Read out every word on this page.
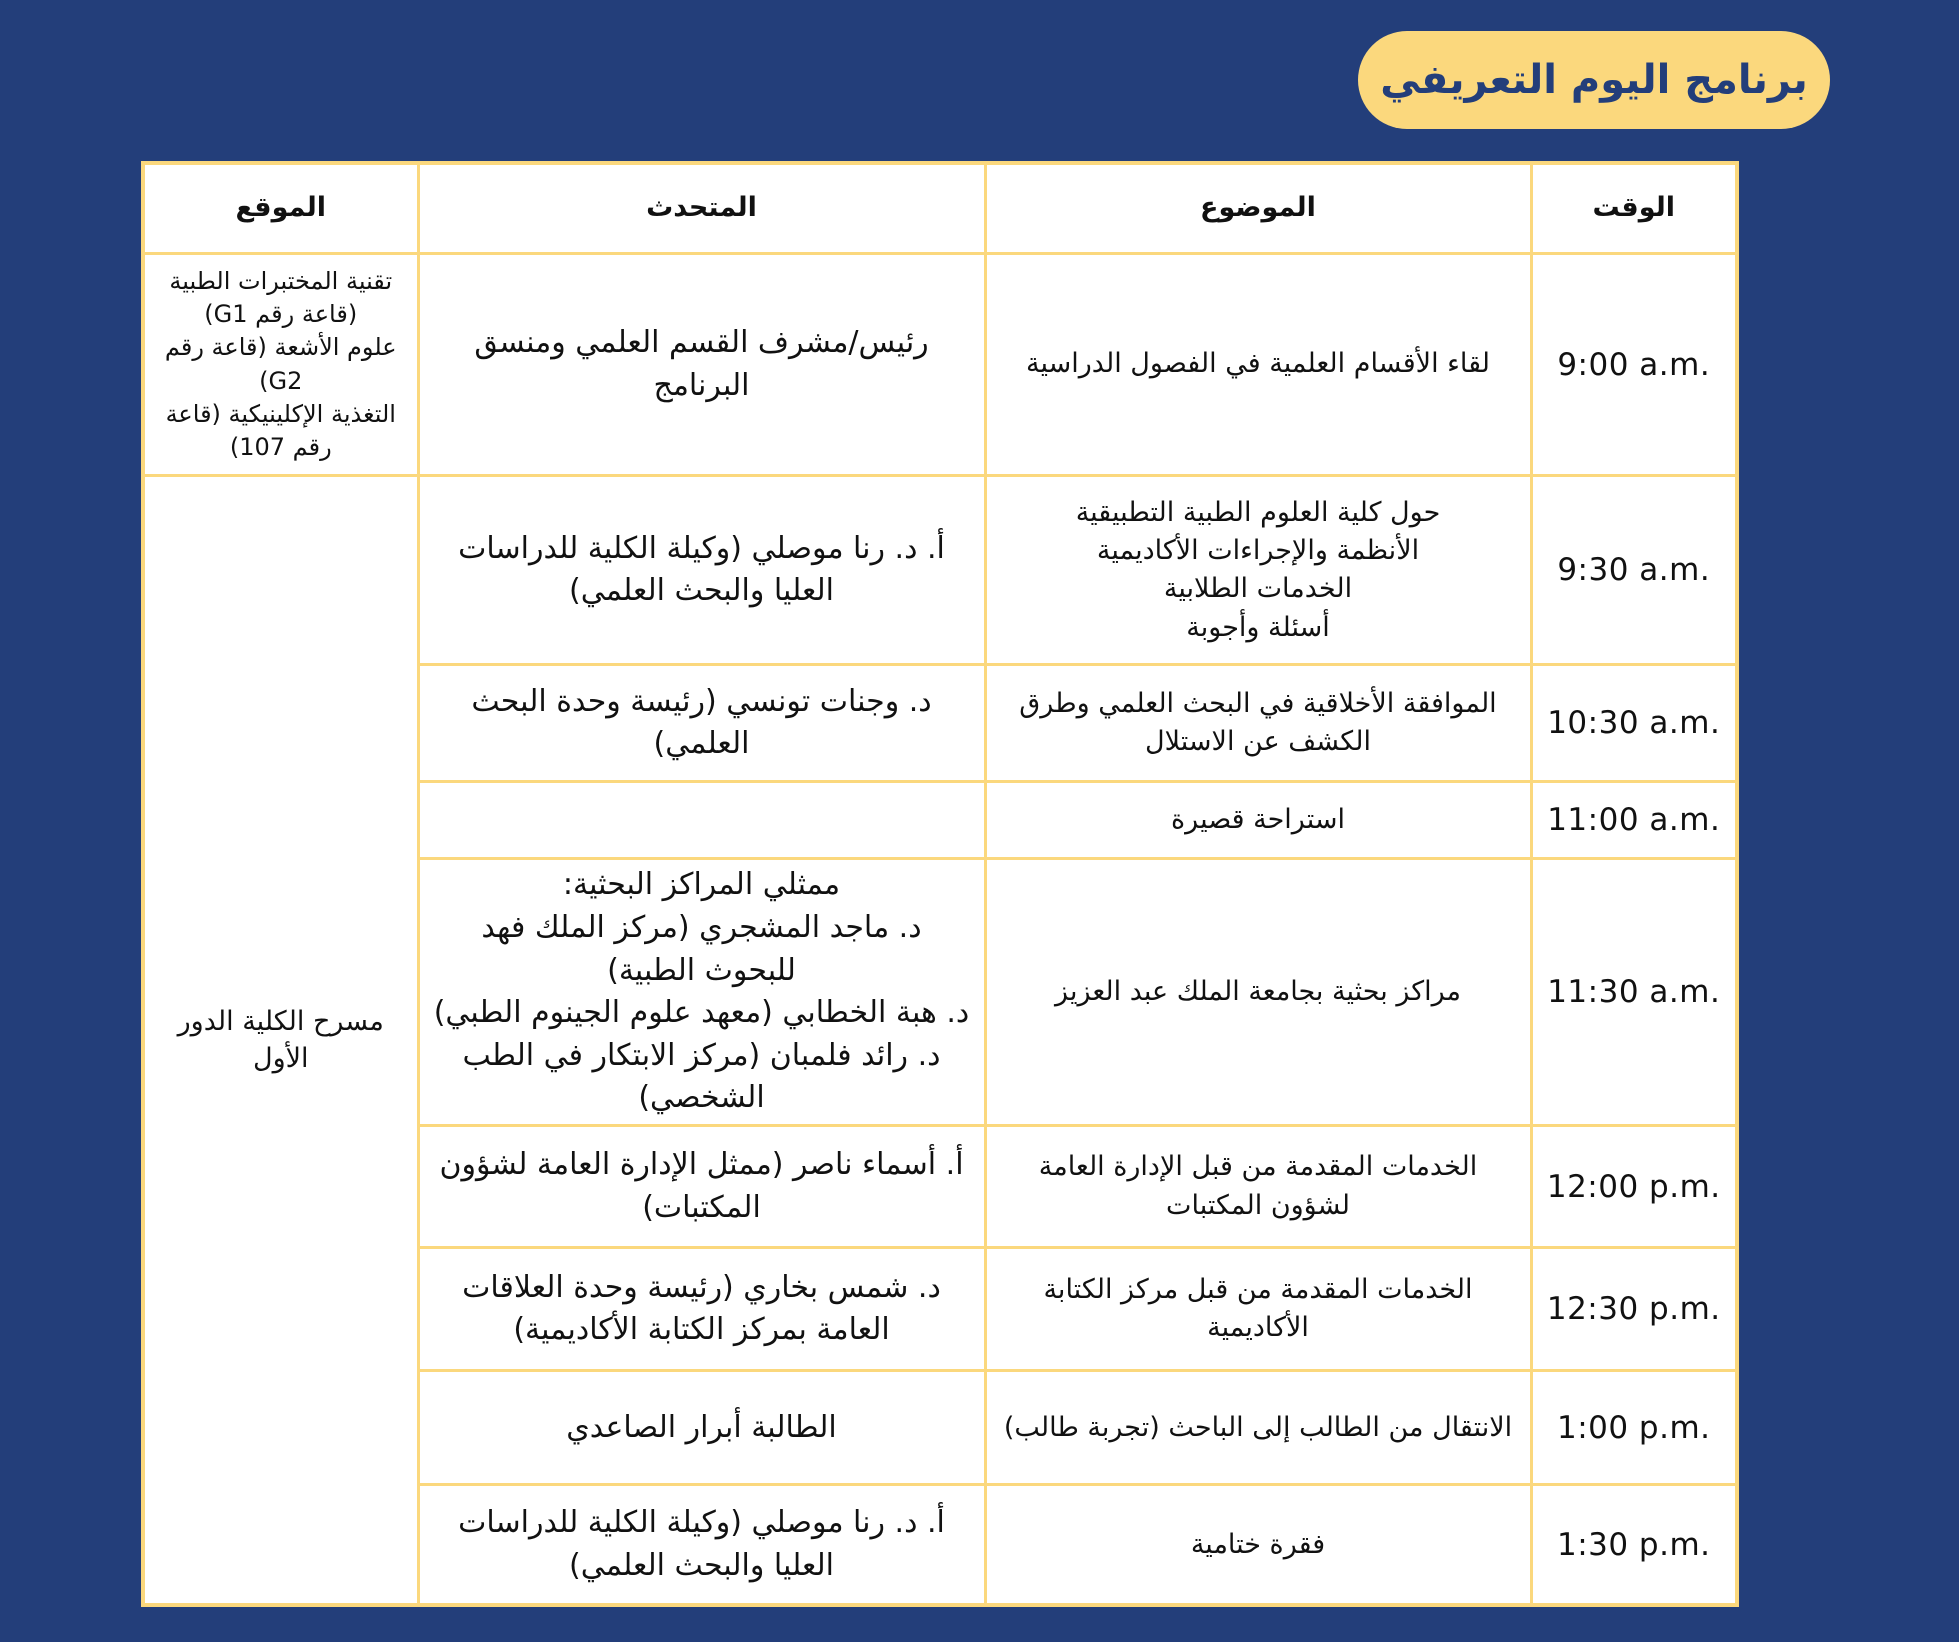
برنامج اليوم التعريفي
الوقت	الموضوع	المتحدث	الموقع
9:00 a.m.	لقاء الأقسام العلمية في الفصول الدراسية	رئيس/مشرف القسم العلمي ومنسق البرنامج	تقنية المختبرات الطبية (قاعة رقم G1)
علوم الأشعة (قاعة رقم G2)
التغذية الإكلينيكية (قاعة رقم 107)
9:30 a.m.	حول كلية العلوم الطبية التطبيقية
الأنظمة والإجراءات الأكاديمية
الخدمات الطلابية
أسئلة وأجوبة	أ. د. رنا موصلي (وكيلة الكلية للدراسات العليا والبحث العلمي)	مسرح الكلية الدور الأول
10:30 a.m.	الموافقة الأخلاقية في البحث العلمي وطرق الكشف عن الاستلال	د. وجنات تونسي (رئيسة وحدة البحث العلمي)	
11:00 a.m.	استراحة قصيرة		
11:30 a.m.	مراكز بحثية بجامعة الملك عبد العزيز	ممثلي المراكز البحثية:
د. ماجد المشجري (مركز الملك فهد للبحوث الطبية)
د. هبة الخطابي (معهد علوم الجينوم الطبي)
د. رائد فلمبان (مركز الابتكار في الطب الشخصي)	
12:00 p.m.	الخدمات المقدمة من قبل الإدارة العامة لشؤون المكتبات	أ. أسماء ناصر (ممثل الإدارة العامة لشؤون المكتبات)	
12:30 p.m.	الخدمات المقدمة من قبل مركز الكتابة الأكاديمية	د. شمس بخاري (رئيسة وحدة العلاقات العامة بمركز الكتابة الأكاديمية)	
1:00 p.m.	الانتقال من الطالب إلى الباحث (تجربة طالب)	الطالبة أبرار الصاعدي	
1:30 p.m.	فقرة ختامية	أ. د. رنا موصلي (وكيلة الكلية للدراسات العليا والبحث العلمي)	
